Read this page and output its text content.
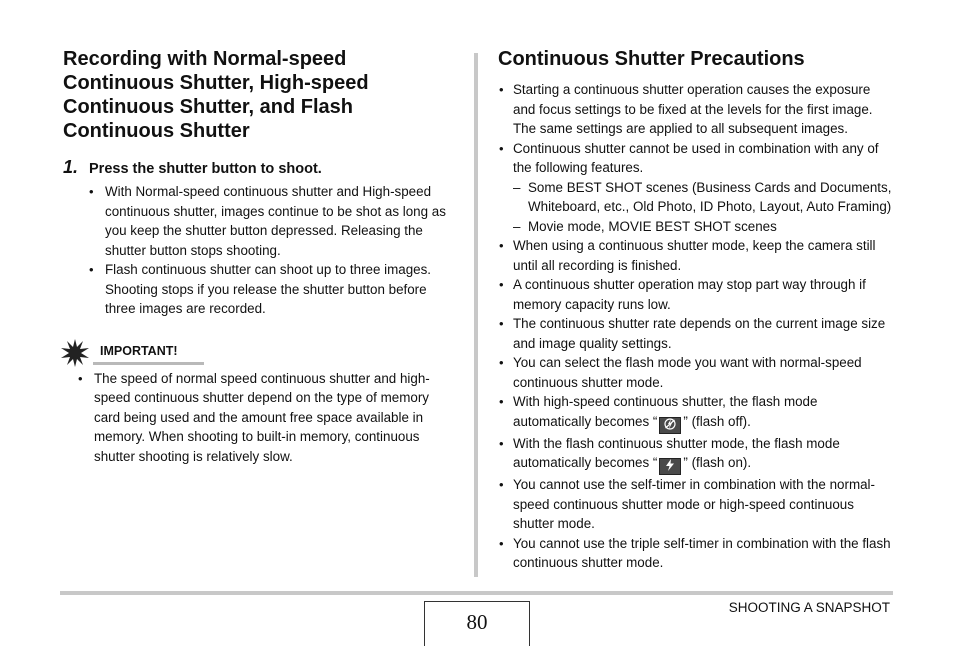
Recording with Normal-speed Continuous Shutter, High-speed Continuous Shutter, and Flash Continuous Shutter
1. Press the shutter button to shoot.
• With Normal-speed continuous shutter and High-speed continuous shutter, images continue to be shot as long as you keep the shutter button depressed. Releasing the shutter button stops shooting.
• Flash continuous shutter can shoot up to three images. Shooting stops if you release the shutter button before three images are recorded.
IMPORTANT!
• The speed of normal speed continuous shutter and high-speed continuous shutter depend on the type of memory card being used and the amount free space available in memory. When shooting to built-in memory, continuous shutter shooting is relatively slow.
Continuous Shutter Precautions
• Starting a continuous shutter operation causes the exposure and focus settings to be fixed at the levels for the first image. The same settings are applied to all subsequent images.
• Continuous shutter cannot be used in combination with any of the following features.
– Some BEST SHOT scenes (Business Cards and Documents, Whiteboard, etc., Old Photo, ID Photo, Layout, Auto Framing)
– Movie mode, MOVIE BEST SHOT scenes
• When using a continuous shutter mode, keep the camera still until all recording is finished.
• A continuous shutter operation may stop part way through if memory capacity runs low.
• The continuous shutter rate depends on the current image size and image quality settings.
• You can select the flash mode you want with normal-speed continuous shutter mode.
• With high-speed continuous shutter, the flash mode automatically becomes “ ” (flash off).
• With the flash continuous shutter mode, the flash mode automatically becomes “ ” (flash on).
• You cannot use the self-timer in combination with the normal-speed continuous shutter mode or high-speed continuous shutter mode.
• You cannot use the triple self-timer in combination with the flash continuous shutter mode.
80
SHOOTING A SNAPSHOT
